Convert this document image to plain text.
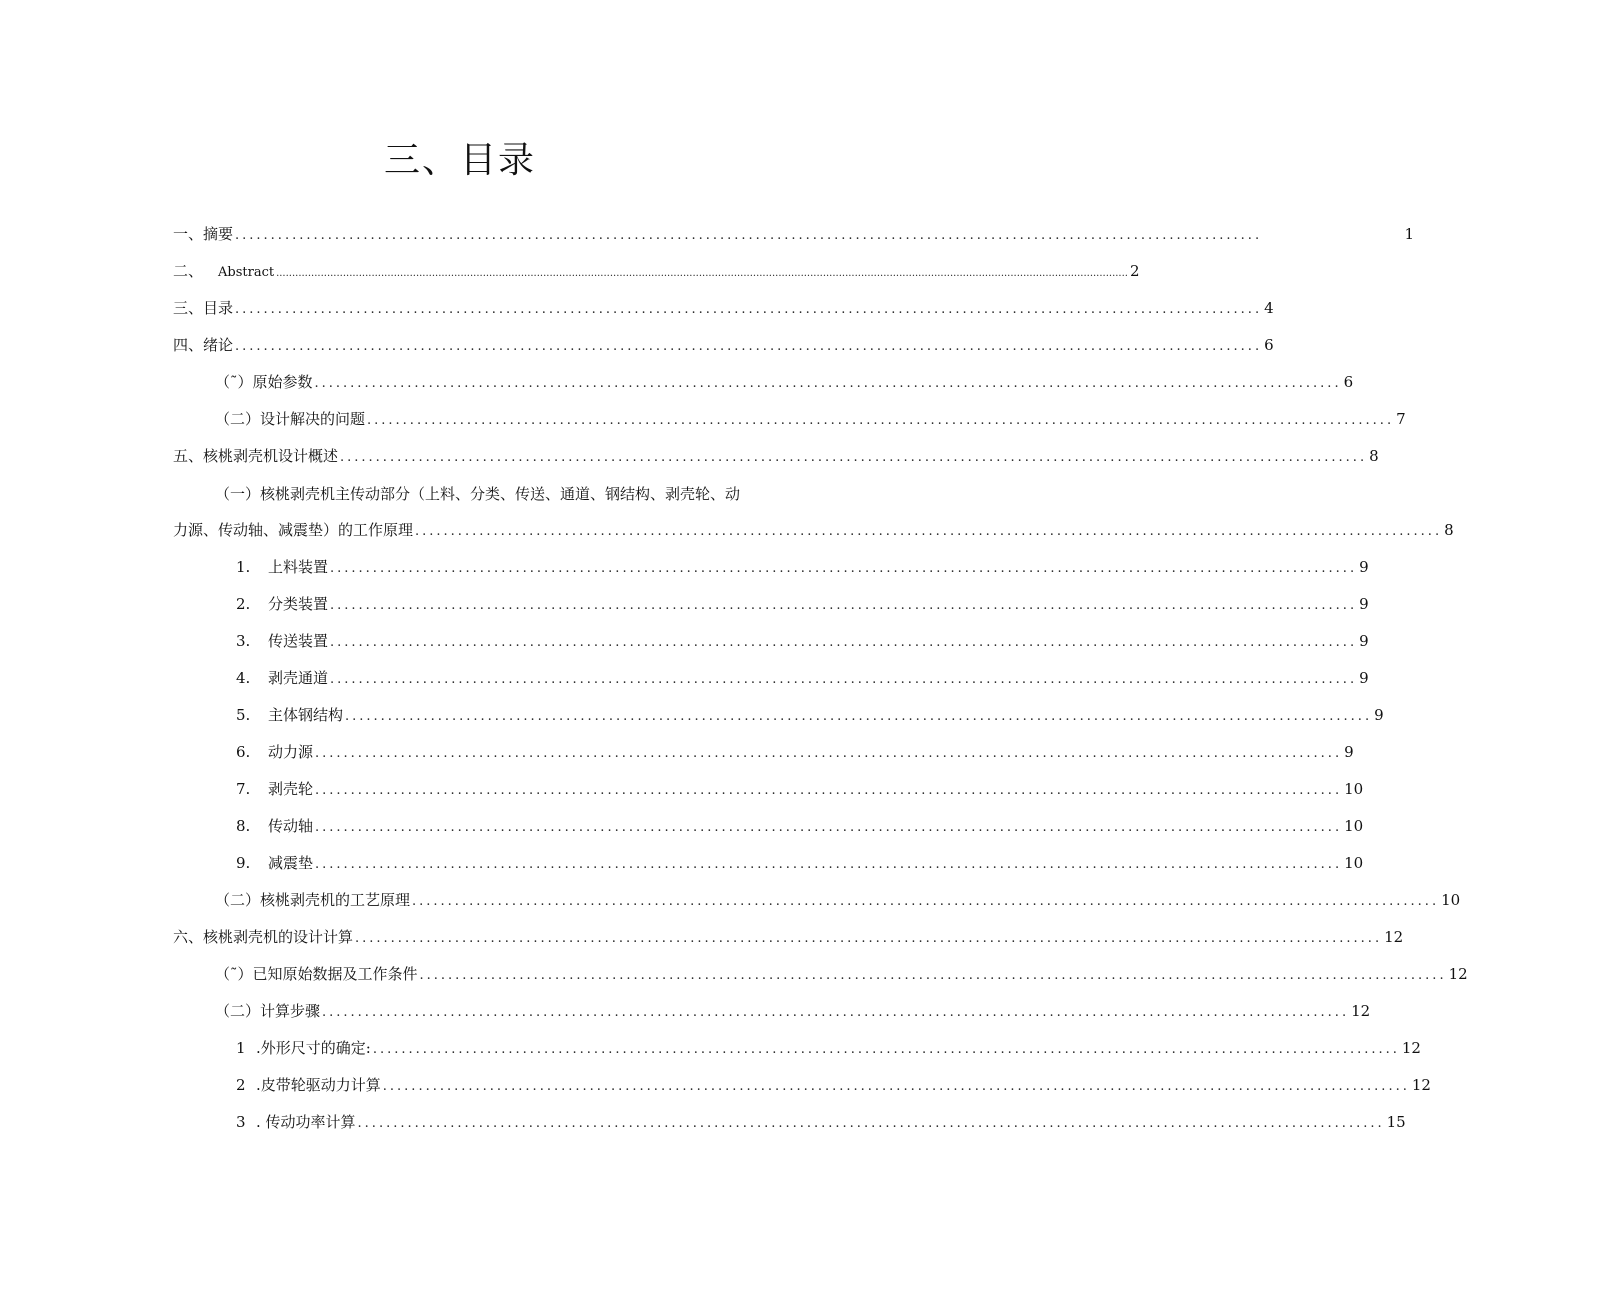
三、目录
一、摘要 ................................................................................................................................................	1
二、	Abstract ............................................................................................................................................................................................................................................................................ 2
三、目录 ................................................................................................................................................ 4
四、绪论 ................................................................................................................................................ 6
（˜）原始参数 ................................................................................................................................................ 6
（二）设计解决的问题 ................................................................................................................................................ 7
五、核桃剥壳机设计概述 ................................................................................................................................................ 8
（一）核桃剥壳机主传动部分（上料、分类、传送、通道、钢结构、剥壳轮、动
力源、传动轴、减震垫）的工作原理 ................................................................................................................................................ 8
1.	上料装置 ................................................................................................................................................ 9
2.	分类装置 ................................................................................................................................................ 9
3.	传送装置 ................................................................................................................................................ 9
4.	剥壳通道 ................................................................................................................................................ 9
5.	主体钢结构 ................................................................................................................................................ 9
6.	动力源 ................................................................................................................................................ 9
7.	剥壳轮 ................................................................................................................................................ 10
8.	传动轴 ................................................................................................................................................ 10
9.	减震垫 ................................................................................................................................................ 10
（二）核桃剥壳机的工艺原理 ................................................................................................................................................ 10
六、核桃剥壳机的设计计算 ................................................................................................................................................ 12
（˜）已知原始数据及工作条件 ................................................................................................................................................ 12
（二）计算步骤 ................................................................................................................................................ 12
1 .外形尺寸的确定: ................................................................................................................................................ 12
2 .皮带轮驱动力计算 ................................................................................................................................................ 12
3 . 传动功率计算 ................................................................................................................................................ 15
